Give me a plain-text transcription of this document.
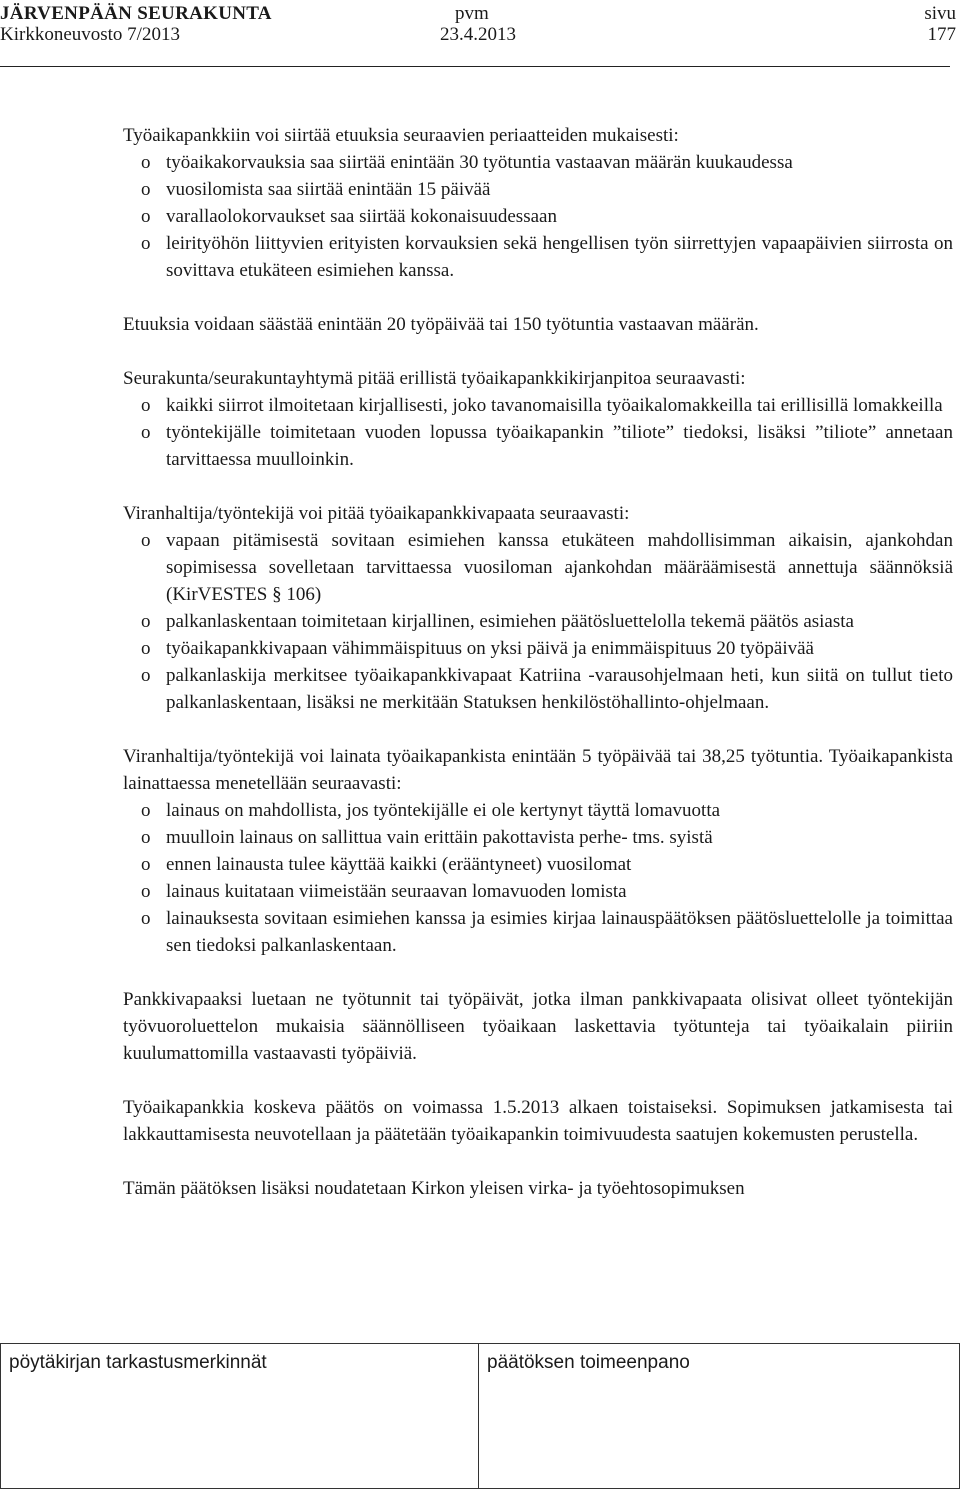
JÄRVENPÄÄN SEURAKUNTA
Kirkkoneuvosto 7/2013
pvm
23.4.2013
sivu
177

Työaikapankkiin voi siirtää etuuksia seuraavien periaatteiden mukaisesti:

o työaikakorvauksia saa siirtää enintään 30 työtuntia vastaavan määrän kuukaudessa
o vuosilomista saa siirtää enintään 15 päivää
o varallaolokorvaukset saa siirtää kokonaisuudessaan
o leirityöhön liittyvien erityisten korvauksien sekä hengellisen työn siirrettyjen vapaapäivien siirrosta on sovittava etukäteen esimiehen kanssa.

Etuuksia voidaan säästää enintään 20 työpäivää tai 150 työtuntia vastaavan määrän.

Seurakunta/seurakuntayhtymä pitää erillistä työaikapankkikirjanpitoa seuraavasti:

o kaikki siirrot ilmoitetaan kirjallisesti, joko tavanomaisilla työaikalomakkeilla tai erillisillä lomakkeilla
o työntekijälle toimitetaan vuoden lopussa työaikapankin ”tiliote” tiedoksi, lisäksi ”tiliote” annetaan tarvittaessa muulloinkin.

Viranhaltija/työntekijä voi pitää työaikapankkivapaata seuraavasti:

o vapaan pitämisestä sovitaan esimiehen kanssa etukäteen mahdollisimman aikaisin, ajankohdan sopimisessa sovelletaan tarvittaessa vuosiloman ajankohdan määräämisestä annettuja säännöksiä (KirVESTES § 106)
o palkanlaskentaan toimitetaan kirjallinen, esimiehen päätösluettelolla tekemä päätös asiasta
o työaikapankkivapaan vähimmäispituus on yksi päivä ja enimmäispituus 20 työpäivää
o palkanlaskija merkitsee työaikapankkivapaat Katriina -varausohjelmaan heti, kun siitä on tullut tieto palkanlaskentaan, lisäksi ne merkitään Statuksen henkilöstöhallinto-ohjelmaan.

Viranhaltija/työntekijä voi lainata työaikapankista enintään 5 työpäivää tai 38,25 työtuntia. Työaikapankista lainattaessa menetellään seuraavasti:

o lainaus on mahdollista, jos työntekijälle ei ole kertynyt täyttä lomavuotta
o muulloin lainaus on sallittua vain erittäin pakottavista perhe- tms. syistä
o ennen lainausta tulee käyttää kaikki (erääntyneet) vuosilomat
o lainaus kuitataan viimeistään seuraavan lomavuoden lomista
o lainauksesta sovitaan esimiehen kanssa ja esimies kirjaa lainauspäätöksen päätösluettelolle ja toimittaa sen tiedoksi palkanlaskentaan.

Pankkivapaaksi luetaan ne työtunnit tai työpäivät, jotka ilman pankkivapaata olisivat olleet työntekijän työvuoroluettelon mukaisia säännölliseen työaikaan laskettavia työtunteja tai työaikalain piiriin kuulumattomilla vastaavasti työpäiviä.

Työaikapankkia koskeva päätös on voimassa 1.5.2013 alkaen toistaiseksi. Sopimuksen jatkamisesta tai lakkauttamisesta neuvotellaan ja päätetään työaikapankin toimivuudesta saatujen kokemusten perustella.

Tämän päätöksen lisäksi noudatetaan Kirkon yleisen virka- ja työehtosopimuksen

pöytäkirjan tarkastusmerkinnät	päätöksen toimeenpano
